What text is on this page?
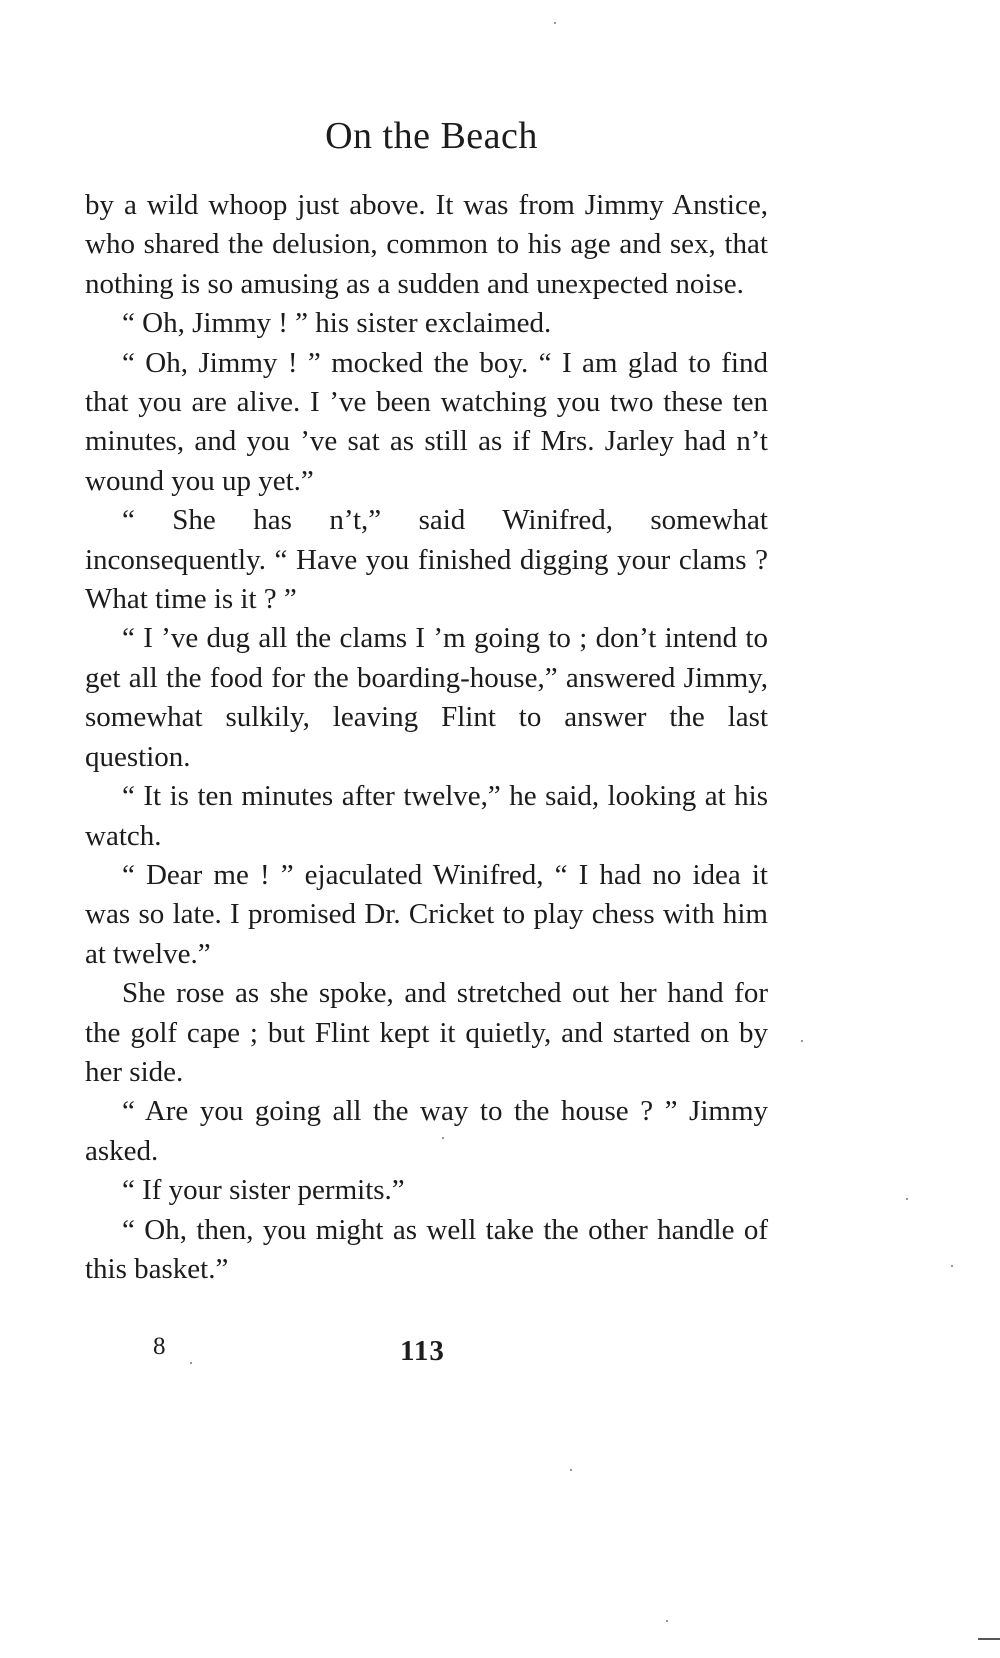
On the Beach

by a wild whoop just above. It was from Jimmy Anstice, who shared the delusion, common to his age and sex, that nothing is so amusing as a sudden and unexpected noise.

“ Oh, Jimmy ! ” his sister exclaimed.

“ Oh, Jimmy ! ” mocked the boy. “ I am glad to find that you are alive. I ’ve been watching you two these ten minutes, and you ’ve sat as still as if Mrs. Jarley had n’t wound you up yet.”

“ She has n’t,” said Winifred, somewhat inconsequently. “ Have you finished digging your clams ? What time is it ? ”

“ I ’ve dug all the clams I ’m going to ; don’t intend to get all the food for the boarding-house,” answered Jimmy, somewhat sulkily, leaving Flint to answer the last question.

“ It is ten minutes after twelve,” he said, looking at his watch.

“ Dear me ! ” ejaculated Winifred, “ I had no idea it was so late. I promised Dr. Cricket to play chess with him at twelve.”

She rose as she spoke, and stretched out her hand for the golf cape ; but Flint kept it quietly, and started on by her side.

“ Are you going all the way to the house ? ” Jimmy asked.

“ If your sister permits.”

“ Oh, then, you might as well take the other handle of this basket.”

8	113
